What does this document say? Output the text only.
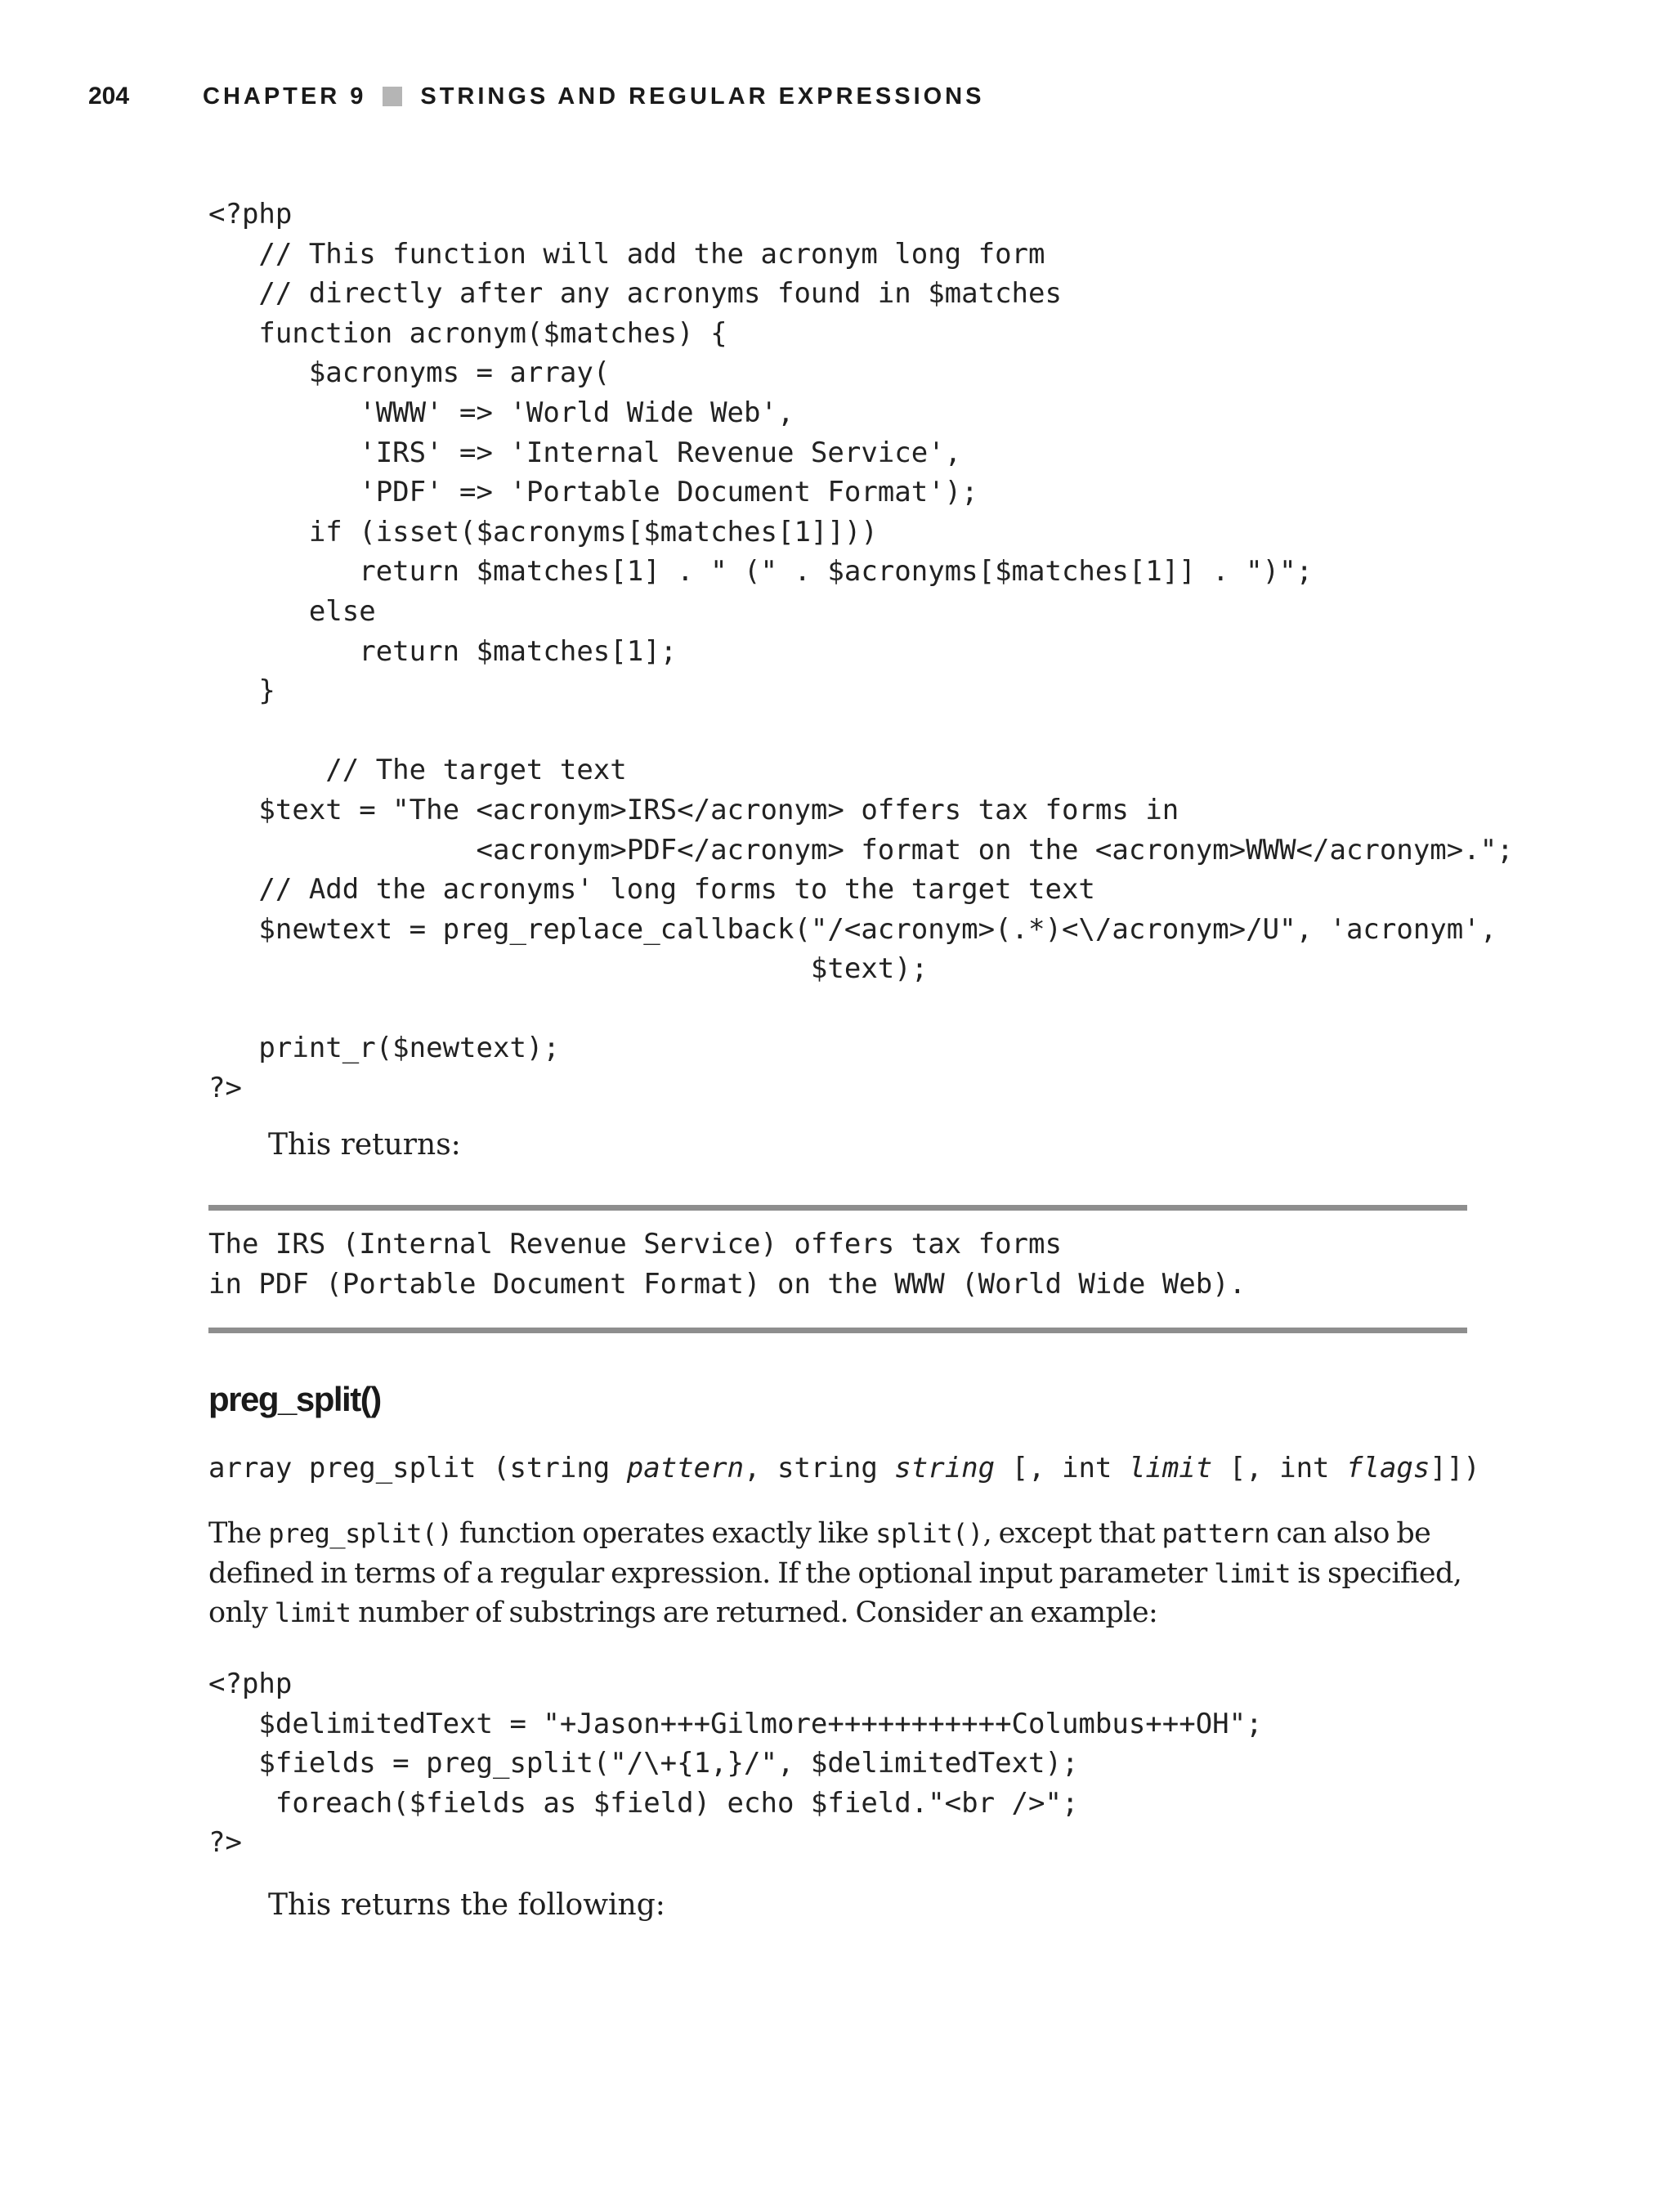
204	CHAPTER 9 STRINGS AND REGULAR EXPRESSIONS
<?php
// This function will add the acronym long form
// directly after any acronyms found in $matches
function acronym($matches) {
$acronyms = array(
'WWW' => 'World Wide Web',
'IRS' => 'Internal Revenue Service',
'PDF' => 'Portable Document Format');
if (isset($acronyms[$matches[1]]))
return $matches[1] . " (" . $acronyms[$matches[1]] . ")";
else
return $matches[1];
}

// The target text
$text = "The <acronym>IRS</acronym> offers tax forms in
<acronym>PDF</acronym> format on the <acronym>WWW</acronym>.";
// Add the acronyms' long forms to the target text
$newtext = preg_replace_callback("/<acronym>(.*)<\/acronym>/U", 'acronym',
$text);

print_r($newtext);
?>
This returns:
The IRS (Internal Revenue Service) offers tax forms
in PDF (Portable Document Format) on the WWW (World Wide Web).
preg_split()
array preg_split (string pattern, string string [, int limit [, int flags]])
The preg_split() function operates exactly like split(), except that pattern can also be defined in terms of a regular expression. If the optional input parameter limit is specified, only limit number of substrings are returned. Consider an example:
<?php
$delimitedText = "+Jason+++Gilmore+++++++++++Columbus+++OH";
$fields = preg_split("/\+{1,}/", $delimitedText);
foreach($fields as $field) echo $field."<br />";
?>
This returns the following:
